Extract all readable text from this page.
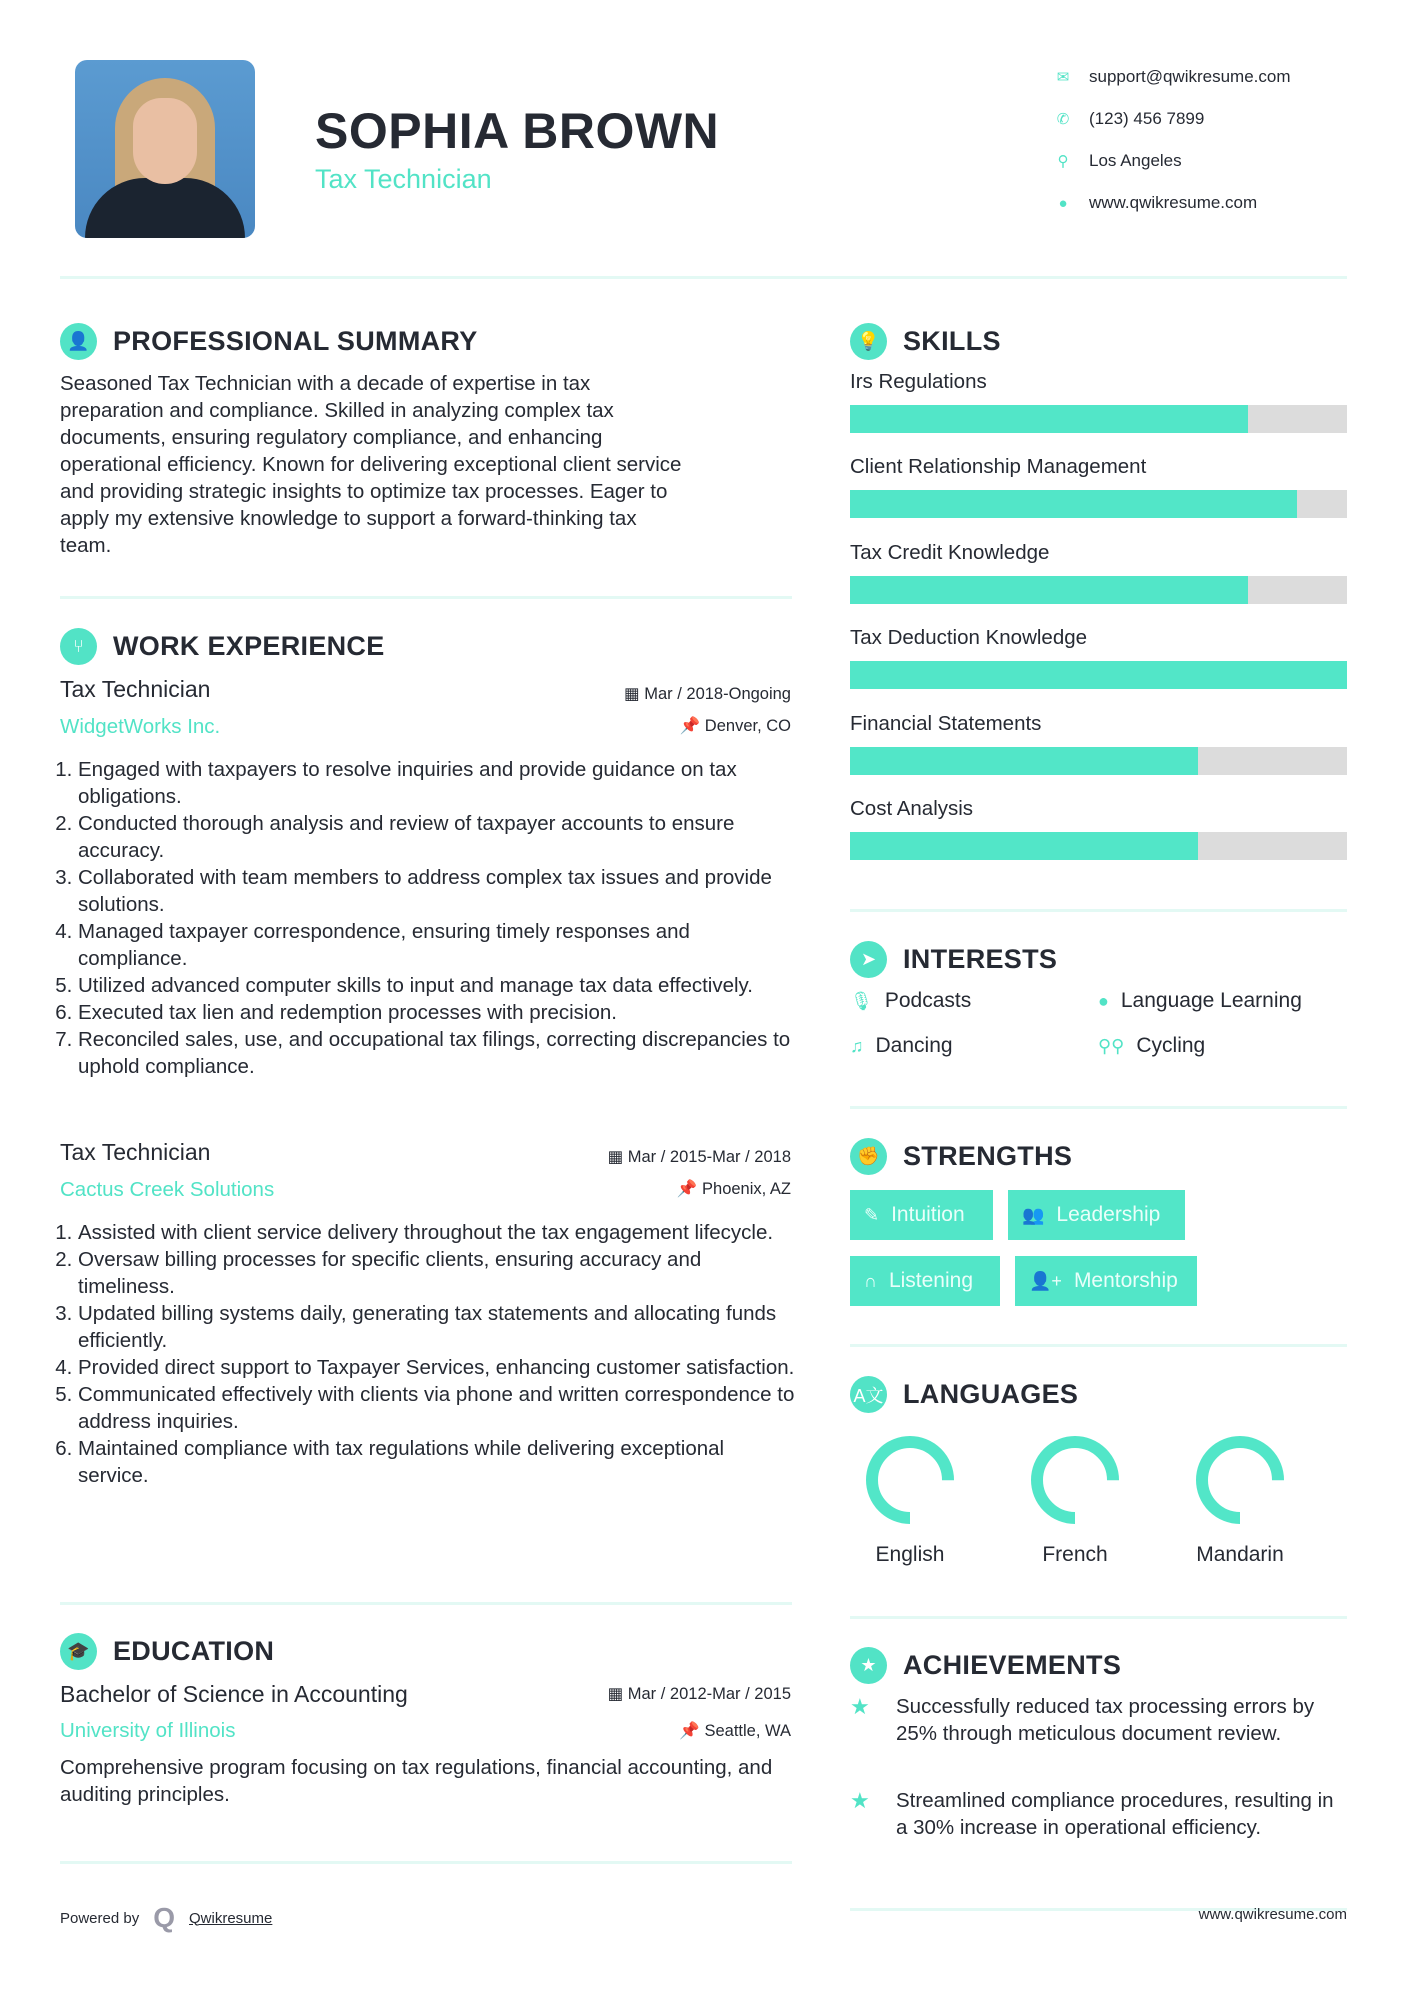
SOPHIA BROWN
Tax Technician
✉ support@qwikresume.com
✆ (123) 456 7899
⚲ Los Angeles
● www.qwikresume.com
👤 PROFESSIONAL SUMMARY
Seasoned Tax Technician with a decade of expertise in tax
preparation and compliance. Skilled in analyzing complex tax
documents, ensuring regulatory compliance, and enhancing
operational efficiency. Known for delivering exceptional client service
and providing strategic insights to optimize tax processes. Eager to
apply my extensive knowledge to support a forward-thinking tax
team.
⑂	WORK EXPERIENCE
Tax Technician	▦ Mar / 2018-Ongoing
WidgetWorks Inc.	📌 Denver, CO
1. Engaged with taxpayers to resolve inquiries and provide guidance on tax obligations.
2. Conducted thorough analysis and review of taxpayer accounts to ensure accuracy.
3. Collaborated with team members to address complex tax issues and provide solutions.
4. Managed taxpayer correspondence, ensuring timely responses and compliance.
5. Utilized advanced computer skills to input and manage tax data effectively.
6. Executed tax lien and redemption processes with precision.
7. Reconciled sales, use, and occupational tax filings, correcting discrepancies to uphold compliance.
Tax Technician	▦ Mar / 2015-Mar / 2018
Cactus Creek Solutions	📌 Phoenix, AZ
1. Assisted with client service delivery throughout the tax engagement lifecycle.
2. Oversaw billing processes for specific clients, ensuring accuracy and timeliness.
3. Updated billing systems daily, generating tax statements and allocating funds efficiently.
4. Provided direct support to Taxpayer Services, enhancing customer satisfaction.
5. Communicated effectively with clients via phone and written correspondence to address inquiries.
6. Maintained compliance with tax regulations while delivering exceptional service.
🎓 EDUCATION
Bachelor of Science in Accounting	▦ Mar / 2012-Mar / 2015
University of Illinois	📌 Seattle, WA
Comprehensive program focusing on tax regulations, financial accounting, and auditing principles.
Powered by Q Qwikresume	www.qwikresume.com
💡 SKILLS
Irs Regulations
Client Relationship Management
Tax Credit Knowledge
Tax Deduction Knowledge
Financial Statements
Cost Analysis
➤ INTERESTS
🎙 Podcasts	● Language Learning
♫ Dancing	⚲⚲ Cycling
✊ STRENGTHS
✎ Intuition	👥 Leadership
∩ Listening	👤+ Mentorship
A文 LANGUAGES
English	French	Mandarin
★ ACHIEVEMENTS
★	Successfully reduced tax processing errors by 25% through meticulous document review.
★	Streamlined compliance procedures, resulting in a 30% increase in operational efficiency.
